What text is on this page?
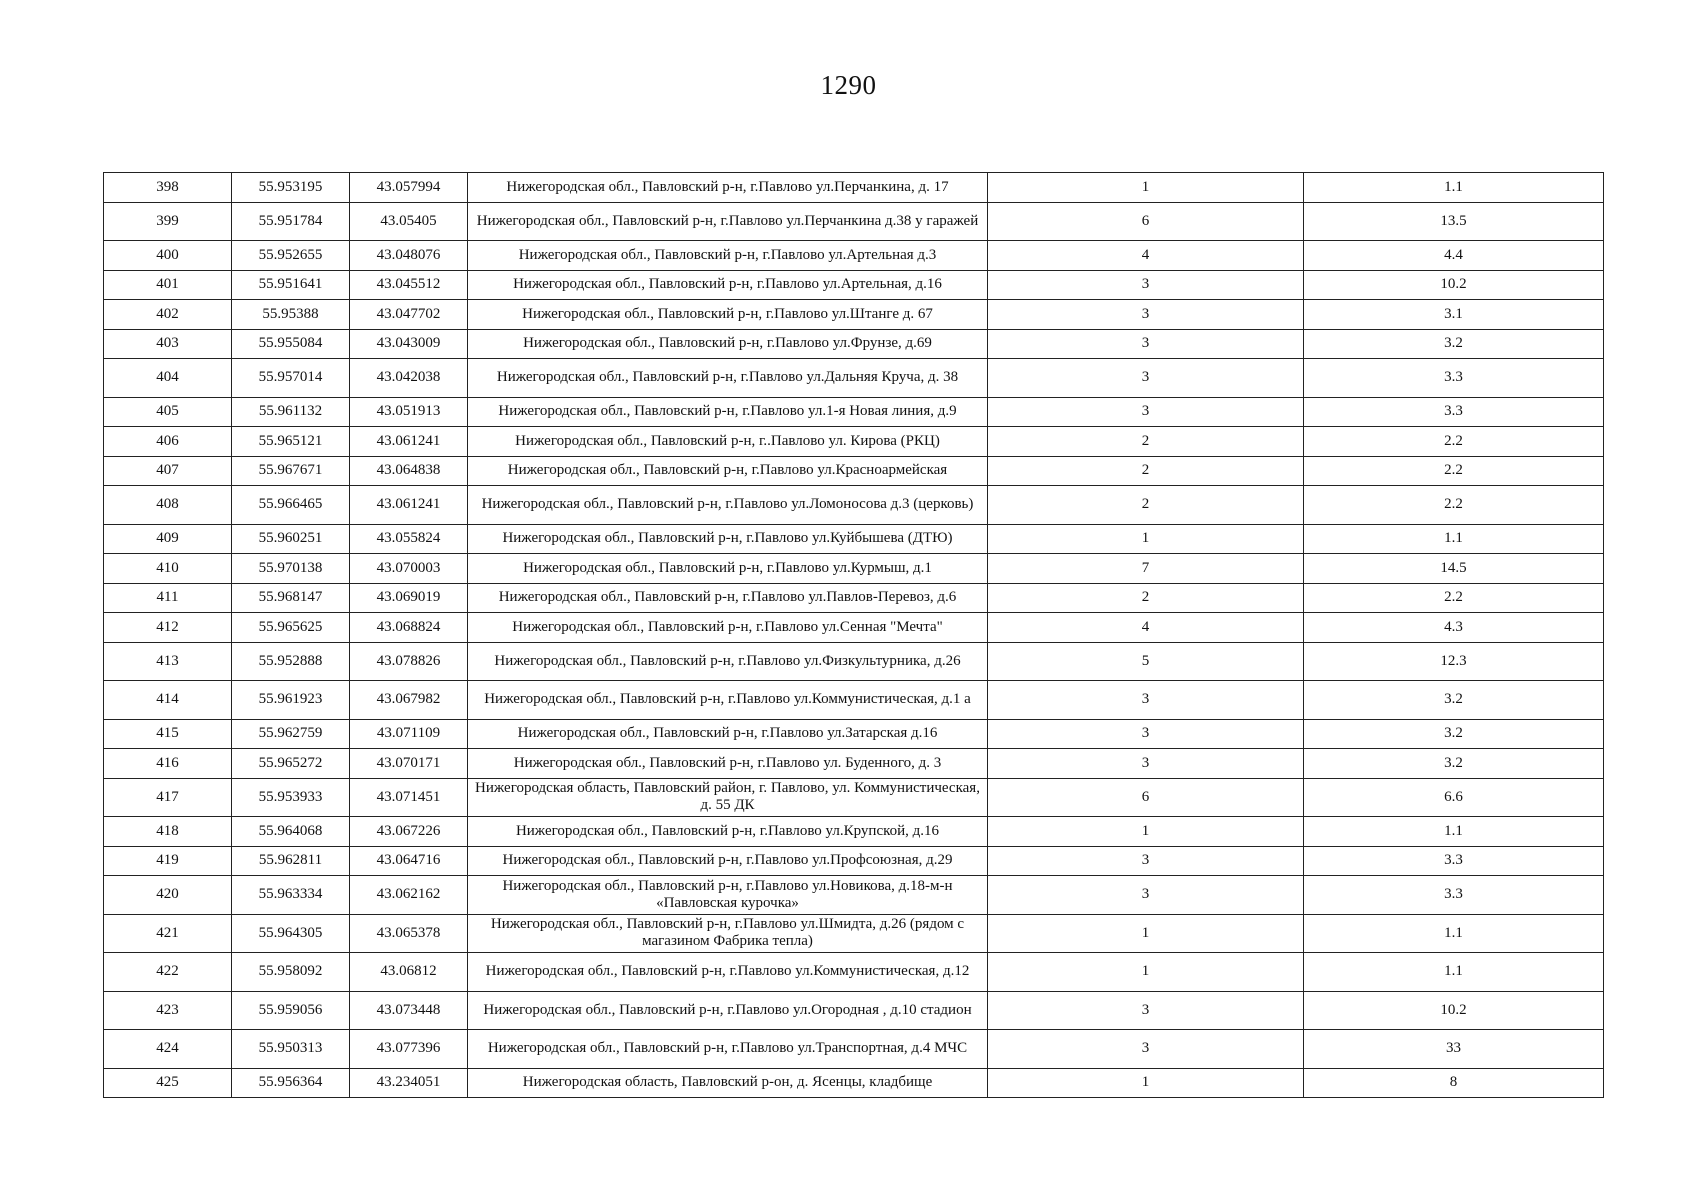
1290
398	55.953195	43.057994	Нижегородская обл., Павловский р-н, г.Павлово ул.Перчанкина, д. 17	1	1.1
399	55.951784	43.05405	Нижегородская обл., Павловский р-н, г.Павлово ул.Перчанкина д.38 у гаражей	6	13.5
400	55.952655	43.048076	Нижегородская обл., Павловский р-н, г.Павлово ул.Артельная д.3	4	4.4
401	55.951641	43.045512	Нижегородская обл., Павловский р-н, г.Павлово ул.Артельная, д.16	3	10.2
402	55.95388	43.047702	Нижегородская обл., Павловский р-н, г.Павлово ул.Штанге д. 67	3	3.1
403	55.955084	43.043009	Нижегородская обл., Павловский р-н, г.Павлово ул.Фрунзе, д.69	3	3.2
404	55.957014	43.042038	Нижегородская обл., Павловский р-н, г.Павлово ул.Дальняя Круча, д. 38	3	3.3
405	55.961132	43.051913	Нижегородская обл., Павловский р-н, г.Павлово ул.1-я Новая линия, д.9	3	3.3
406	55.965121	43.061241	Нижегородская обл., Павловский р-н, г..Павлово ул. Кирова (РКЦ)	2	2.2
407	55.967671	43.064838	Нижегородская обл., Павловский р-н, г.Павлово ул.Красноармейская	2	2.2
408	55.966465	43.061241	Нижегородская обл., Павловский р-н, г.Павлово ул.Ломоносова д.3 (церковь)	2	2.2
409	55.960251	43.055824	Нижегородская обл., Павловский р-н, г.Павлово ул.Куйбышева (ДТЮ)	1	1.1
410	55.970138	43.070003	Нижегородская обл., Павловский р-н, г.Павлово ул.Курмыш, д.1	7	14.5
411	55.968147	43.069019	Нижегородская обл., Павловский р-н, г.Павлово ул.Павлов-Перевоз, д.6	2	2.2
412	55.965625	43.068824	Нижегородская обл., Павловский р-н, г.Павлово ул.Сенная "Мечта"	4	4.3
413	55.952888	43.078826	Нижегородская обл., Павловский р-н, г.Павлово ул.Физкультурника, д.26	5	12.3
414	55.961923	43.067982	Нижегородская обл., Павловский р-н, г.Павлово ул.Коммунистическая, д.1 а	3	3.2
415	55.962759	43.071109	Нижегородская обл., Павловский р-н, г.Павлово ул.Затарская д.16	3	3.2
416	55.965272	43.070171	Нижегородская обл., Павловский р-н, г.Павлово ул. Буденного, д. 3	3	3.2
417	55.953933	43.071451	Нижегородская область, Павловский район, г. Павлово, ул. Коммунистическая, д. 55 ДК	6	6.6
418	55.964068	43.067226	Нижегородская обл., Павловский р-н, г.Павлово ул.Крупской, д.16	1	1.1
419	55.962811	43.064716	Нижегородская обл., Павловский р-н, г.Павлово ул.Профсоюзная, д.29	3	3.3
420	55.963334	43.062162	Нижегородская обл., Павловский р-н, г.Павлово ул.Новикова, д.18-м-н «Павловская курочка»	3	3.3
421	55.964305	43.065378	Нижегородская обл., Павловский р-н, г.Павлово ул.Шмидта, д.26 (рядом с магазином Фабрика тепла)	1	1.1
422	55.958092	43.06812	Нижегородская обл., Павловский р-н, г.Павлово ул.Коммунистическая, д.12	1	1.1
423	55.959056	43.073448	Нижегородская обл., Павловский р-н, г.Павлово ул.Огородная , д.10 стадион	3	10.2
424	55.950313	43.077396	Нижегородская обл., Павловский р-н, г.Павлово ул.Транспортная, д.4 МЧС	3	33
425	55.956364	43.234051	Нижегородская область, Павловский р-он, д. Ясенцы, кладбище	1	8
